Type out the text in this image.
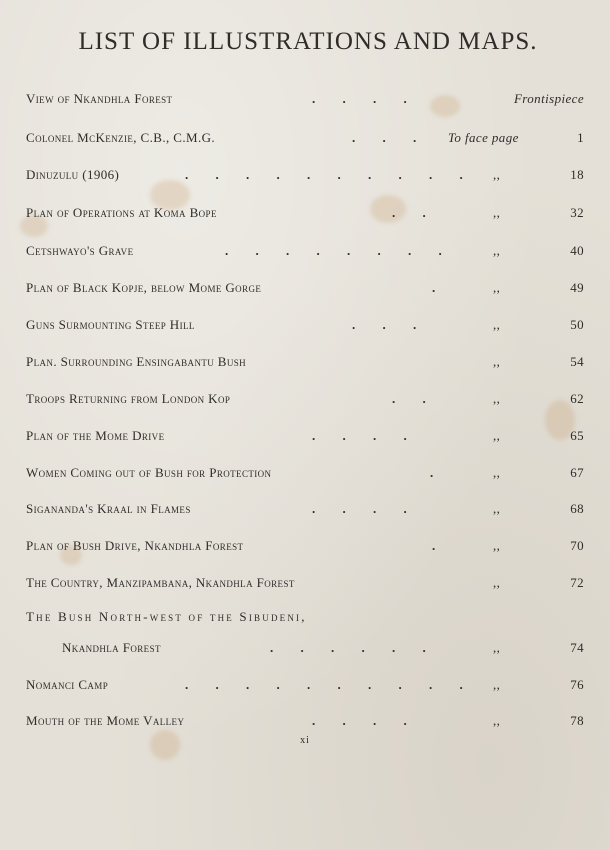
LIST OF ILLUSTRATIONS AND MAPS.
View of Nkandhla Forest	. . . .	Frontispiece
Colonel McKenzie, C.B., C.M.G.	. . . To face page	1
Dinuzulu (1906)	. . . . . . . . . . ,,	18
Plan of Operations at Koma Bope	. .	,,	32
Cetshwayo's Grave	. . . . . . . .	,,	40
Plan of Black Kopje, below Mome Gorge	.	,,	49
Guns Surmounting Steep Hill	. . .	,,	50
Plan. Surrounding Ensingabantu Bush	,,	54
Troops Returning from London Kop	. .	,,	62
Plan of the Mome Drive	. . . .	,,	65
Women Coming out of Bush for Protection	.	,,	67
Sigananda's Kraal in Flames	. . . .	,,	68
Plan of Bush Drive, Nkandhla Forest	.	,,	70
The Country, Manzipambana, Nkandhla Forest	,,	72
The Bush North-west of the Sibudeni,
Nkandhla Forest	. . . . . .	,,	74
Nomanci Camp	. . . . . . . . . . ,,	76
Mouth of the Mome Valley	. . . .	,,	78
xi
